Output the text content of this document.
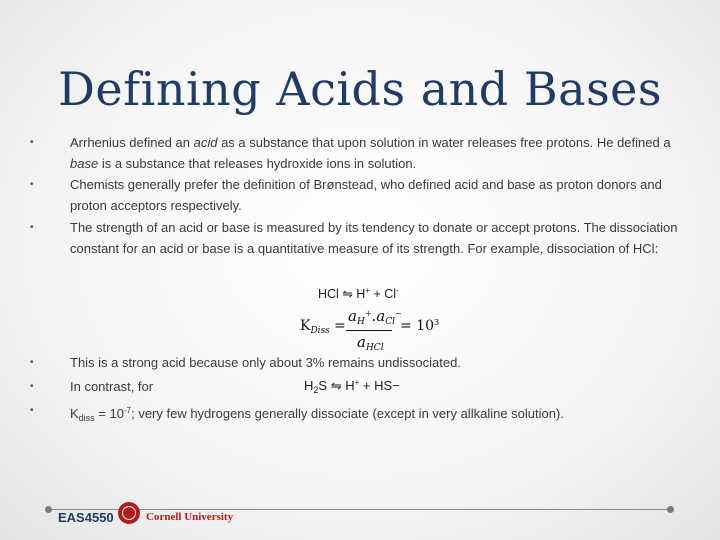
Defining Acids and Bases
•	Arrhenius defined an acid as a substance that upon solution in water releases free protons. He defined a base is a substance that releases hydroxide ions in solution.
•	Chemists generally prefer the definition of Brønstead, who defined acid and base as proton donors and proton acceptors respectively.
•	The strength of an acid or base is measured by its tendency to donate or accept protons. The dissociation constant for an acid or base is a quantitative measure of its strength. For example, dissociation of HCl:
HCl ⇋ H+ + Cl-
$K_{Diss}$ =
$a_H^+.a_{Cl}^-$
$a_{HCl}$
= $10^3$
•	This is a strong acid because only about 3% remains undissociated.
•	In contrast, for	$H_2S$ ⇋ H+ + HS−
•	$K_{diss} = 10^{-7}$; very few hydrogens generally dissociate (except in very allkaline solution).
EAS4550	Cornell University
